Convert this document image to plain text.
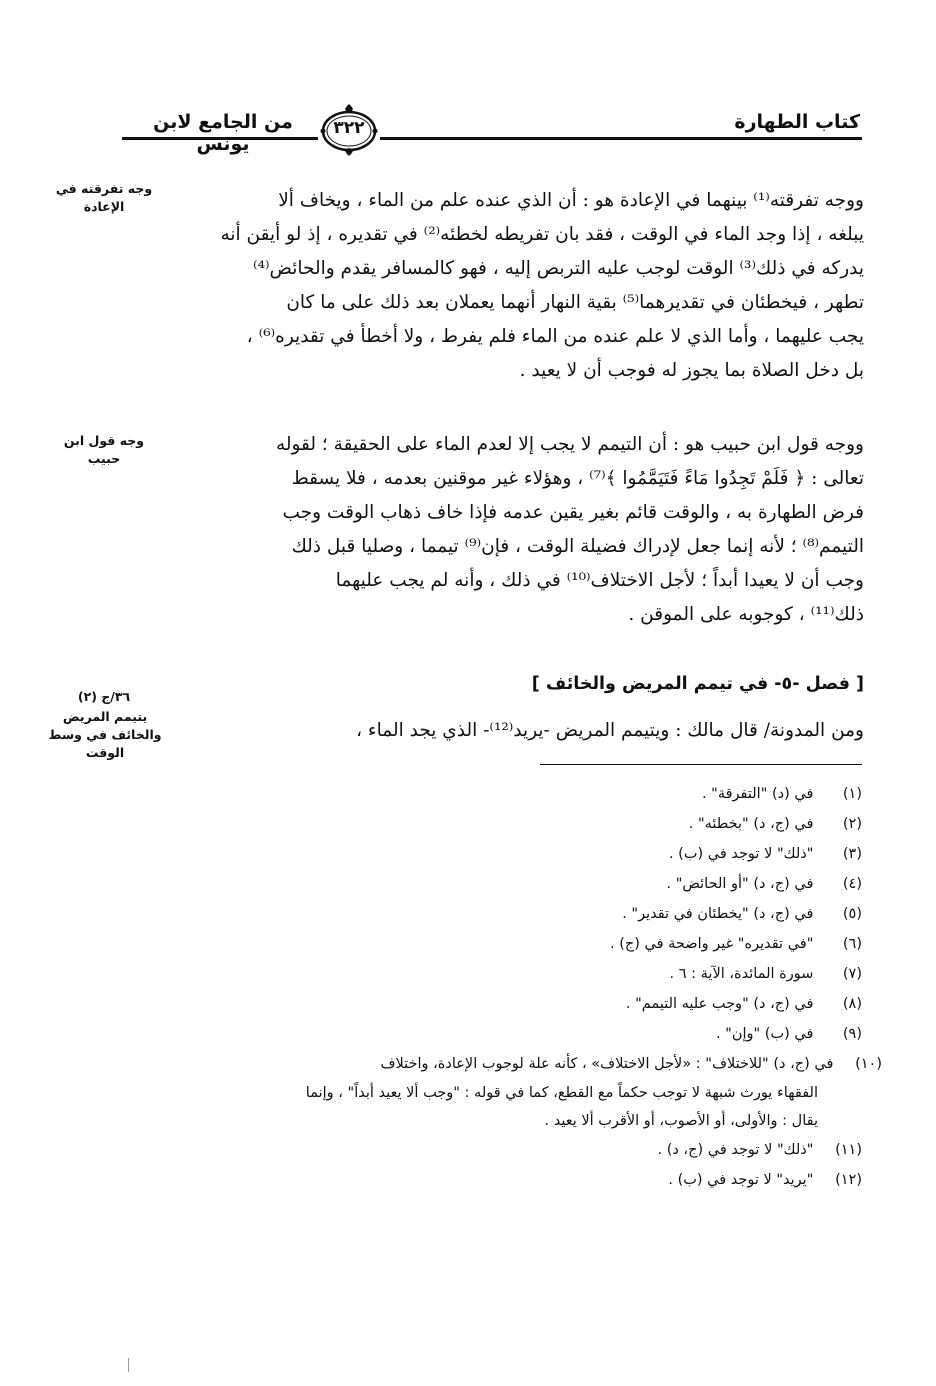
من الجامع لابن يونس
كتاب الطهارة
٣٢٢
وجه تفرقته في الإعادة
وجه قول ابن حبيب
٣٦/ج (٢)
يتيمم المريض والخائف في وسط الوقت
ووجه تفرقته⁽¹⁾ بينهما في الإعادة هو : أن الذي عنده علم من الماء ، ويخاف ألا
يبلغه ، إذا وجد الماء في الوقت ، فقد بان تفريطه لخطئه⁽²⁾ في تقديره ، إذ لو أيقن أنه
يدركه في ذلك⁽³⁾ الوقت لوجب عليه التربص إليه ، فهو كالمسافر يقدم والحائض⁽⁴⁾
تطهر ، فيخطئان في تقديرهما⁽⁵⁾ بقية النهار أنهما يعملان بعد ذلك على ما كان
يجب عليهما ، وأما الذي لا علم عنده من الماء فلم يفرط ، ولا أخطأ في تقديره⁽⁶⁾ ،
بل دخل الصلاة بما يجوز له فوجب أن لا يعيد .
ووجه قول ابن حبيب هو : أن التيمم لا يجب إلا لعدم الماء على الحقيقة ؛ لقوله
تعالى : ﴿ فَلَمْ تَجِدُوا مَاءً فَتَيَمَّمُوا ﴾⁽⁷⁾ ، وهؤلاء غير موقنين بعدمه ، فلا يسقط
فرض الطهارة به ، والوقت قائم بغير يقين عدمه فإذا خاف ذهاب الوقت وجب
التيمم⁽⁸⁾ ؛ لأنه إنما جعل لإدراك فضيلة الوقت ، فإن⁽⁹⁾ تيمما ، وصليا قبل ذلك
وجب أن لا يعيدا أبداً ؛ لأجل الاختلاف⁽¹⁰⁾ في ذلك ، وأنه لم يجب عليهما
ذلك⁽¹¹⁾ ، كوجوبه على الموقن .
[ فصل -٥- في تيمم المريض والخائف ]
ومن المدونة/ قال مالك : ويتيمم المريض -يريد⁽¹²⁾- الذي يجد الماء ،
(١) في (د) "التفرقة" .
(٢) في (ج، د) "بخطئه" .
(٣) "ذلك" لا توجد في (ب) .
(٤) في (ج، د) "أو الحائض" .
(٥) في (ج، د) "يخطئان في تقدير" .
(٦) "في تقديره" غير واضحة في (ج) .
(٧) سورة المائدة، الآية : ٦ .
(٨) في (ج، د) "وجب عليه التيمم" .
(٩) في (ب) "وإن" .
(١٠) في (ج، د) "للاختلاف" : «لأجل الاختلاف» ، كأنه علة لوجوب الإعادة، واختلاف
الفقهاء يورث شبهة لا توجب حكماً مع القطع، كما في قوله : "وجب ألا يعيد أبداً" ، وإنما
يقال : والأولى، أو الأصوب، أو الأقرب ألا يعيد .
(١١) "ذلك" لا توجد في (ج، د) .
(١٢) "يريد" لا توجد في (ب) .
